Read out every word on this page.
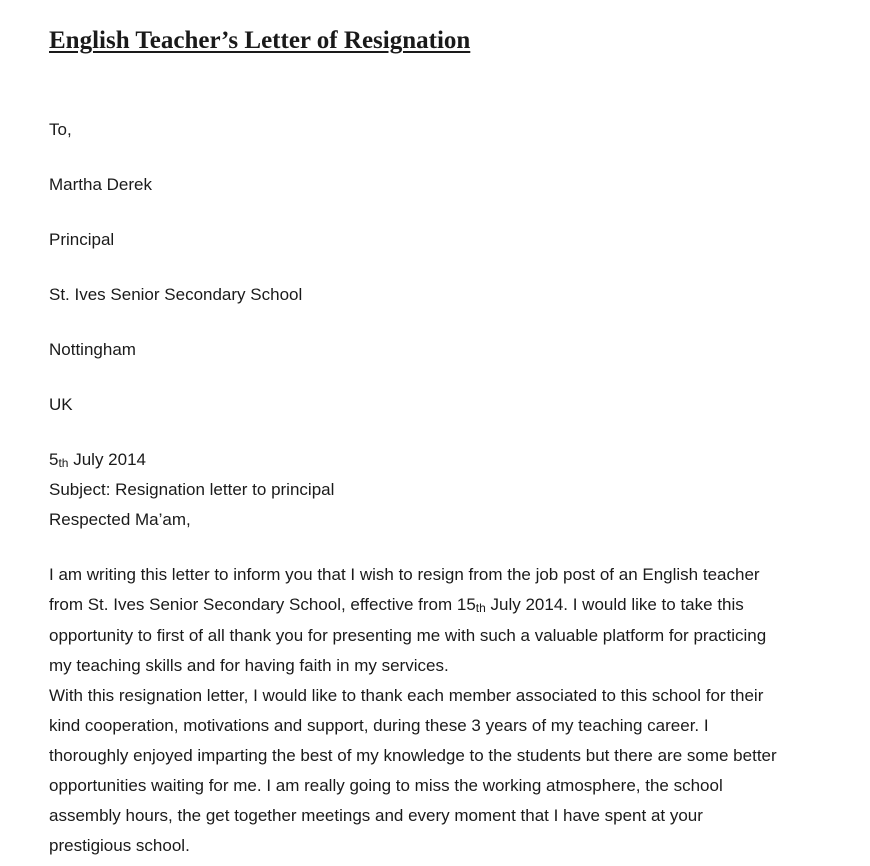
English Teacher’s Letter of Resignation
To,
Martha Derek
Principal
St. Ives Senior Secondary School
Nottingham
UK
5th July 2014
Subject: Resignation letter to principal
Respected Ma’am,
I am writing this letter to inform you that I wish to resign from the job post of an English teacher
from St. Ives Senior Secondary School, effective from 15th July 2014. I would like to take this
opportunity to first of all thank you for presenting me with such a valuable platform for practicing
my teaching skills and for having faith in my services.
With this resignation letter, I would like to thank each member associated to this school for their
kind cooperation, motivations and support, during these 3 years of my teaching career. I
thoroughly enjoyed imparting the best of my knowledge to the students but there are some better
opportunities waiting for me. I am really going to miss the working atmosphere, the school
assembly hours, the get together meetings and every moment that I have spent at your
prestigious school.
